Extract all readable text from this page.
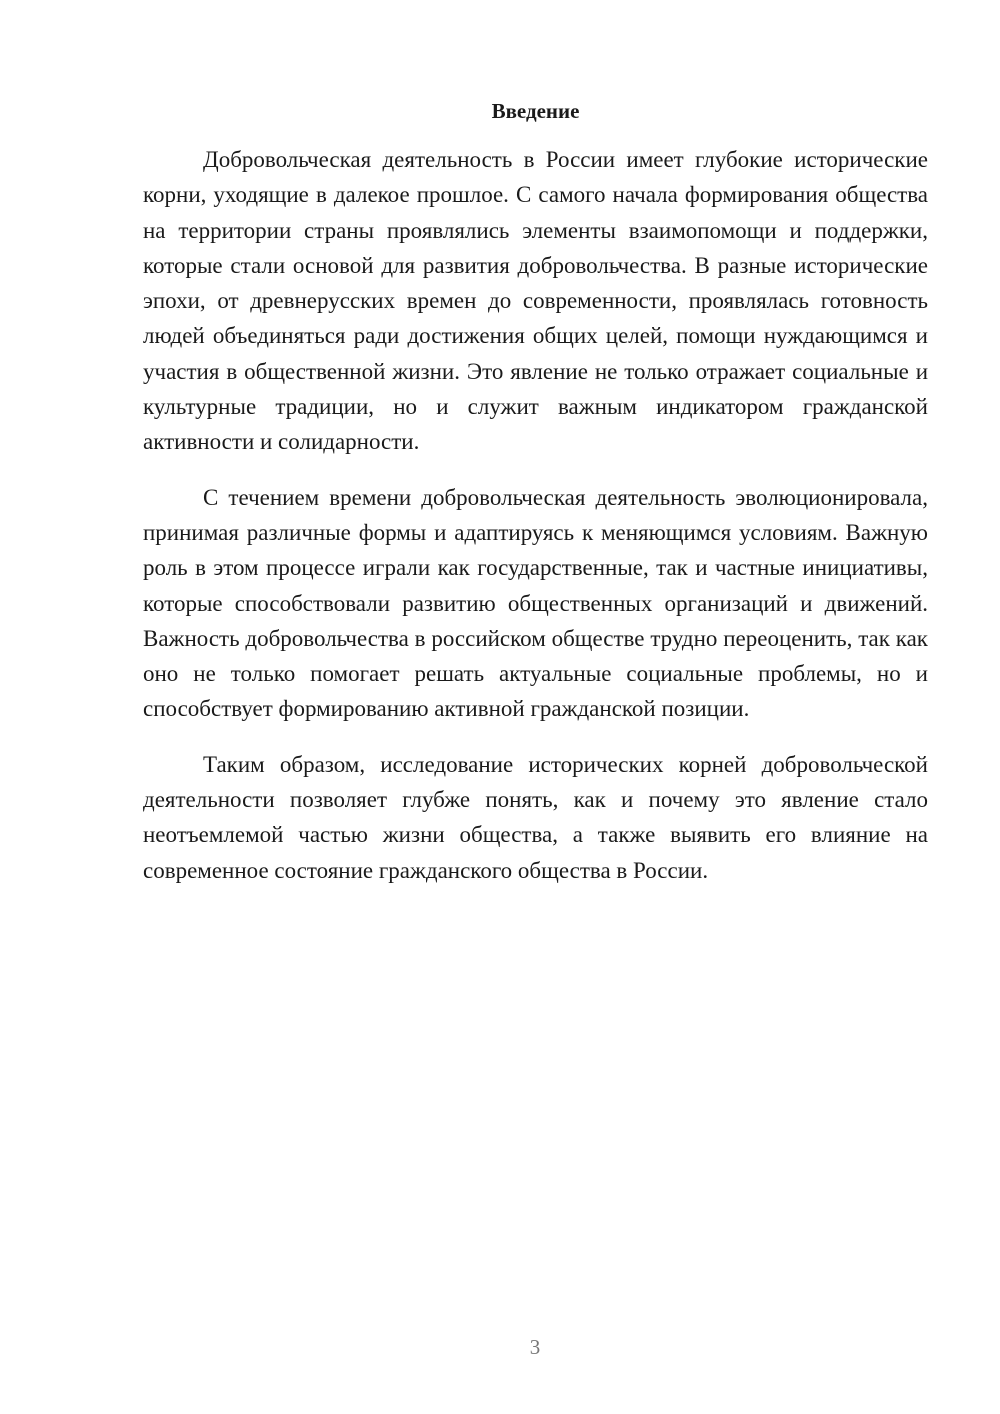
Введение

Добровольческая деятельность в России имеет глубокие исторические корни, уходящие в далекое прошлое. С самого начала формирования общества на территории страны проявлялись элементы взаимопомощи и поддержки, которые стали основой для развития добровольчества. В разные исторические эпохи, от древнерусских времен до современности, проявлялась готовность людей объединяться ради достижения общих целей, помощи нуждающимся и участия в общественной жизни. Это явление не только отражает социальные и культурные традиции, но и служит важным индикатором гражданской активности и солидарности.

С течением времени добровольческая деятельность эволюционировала, принимая различные формы и адаптируясь к меняющимся условиям. Важную роль в этом процессе играли как государственные, так и частные инициативы, которые способствовали развитию общественных организаций и движений. Важность добровольчества в российском обществе трудно переоценить, так как оно не только помогает решать актуальные социальные проблемы, но и способствует формированию активной гражданской позиции.

Таким образом, исследование исторических корней добровольческой деятельности позволяет глубже понять, как и почему это явление стало неотъемлемой частью жизни общества, а также выявить его влияние на современное состояние гражданского общества в России.

3
